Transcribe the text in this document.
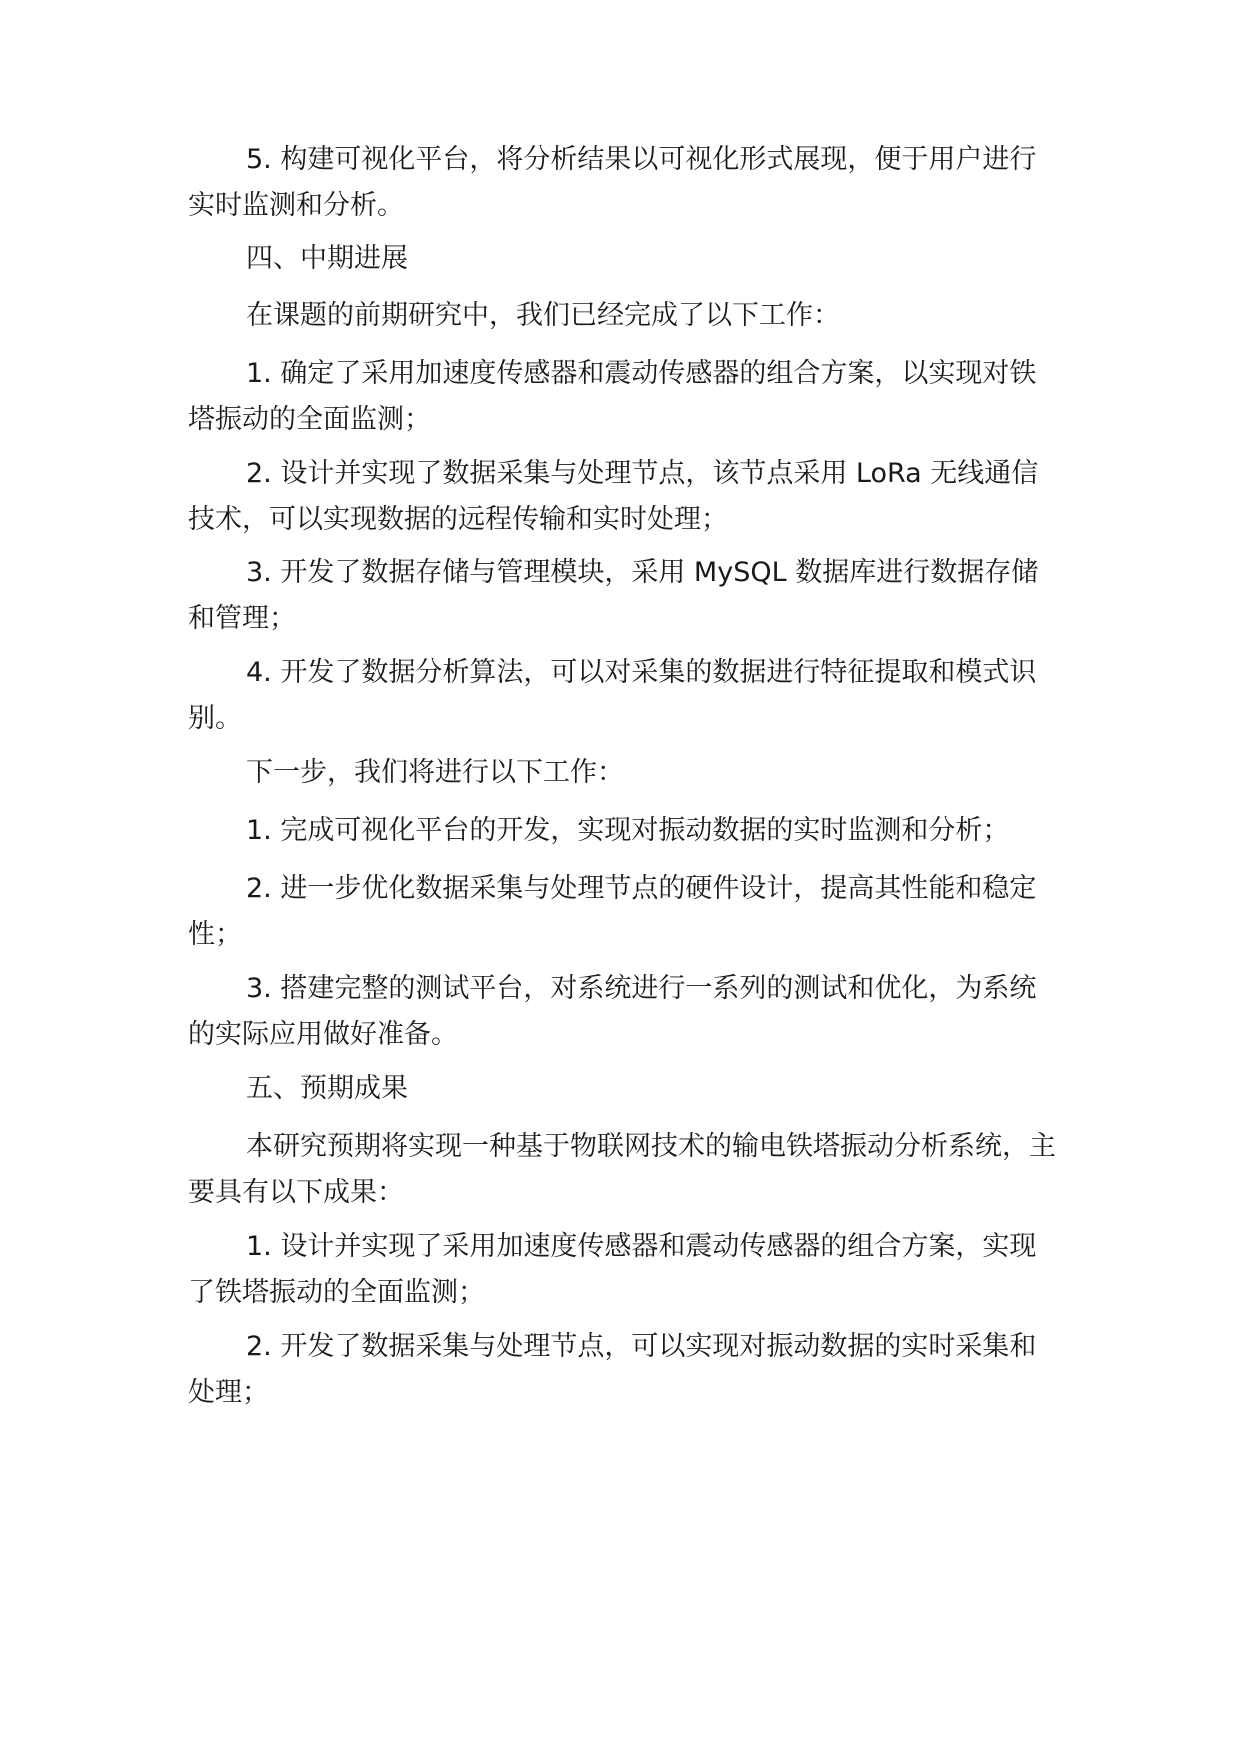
5. 构建可视化平台，将分析结果以可视化形式展现，便于用户进行实时监测和分析。

四、中期进展

在课题的前期研究中，我们已经完成了以下工作：

1. 确定了采用加速度传感器和震动传感器的组合方案，以实现对铁塔振动的全面监测；

2. 设计并实现了数据采集与处理节点，该节点采用 LoRa 无线通信技术，可以实现数据的远程传输和实时处理；

3. 开发了数据存储与管理模块，采用 MySQL 数据库进行数据存储和管理；

4. 开发了数据分析算法，可以对采集的数据进行特征提取和模式识别。

下一步，我们将进行以下工作：

1. 完成可视化平台的开发，实现对振动数据的实时监测和分析；

2. 进一步优化数据采集与处理节点的硬件设计，提高其性能和稳定性；

3. 搭建完整的测试平台，对系统进行一系列的测试和优化，为系统的实际应用做好准备。

五、预期成果

本研究预期将实现一种基于物联网技术的输电铁塔振动分析系统，主要具有以下成果：

1. 设计并实现了采用加速度传感器和震动传感器的组合方案，实现了铁塔振动的全面监测；

2. 开发了数据采集与处理节点，可以实现对振动数据的实时采集和处理；
